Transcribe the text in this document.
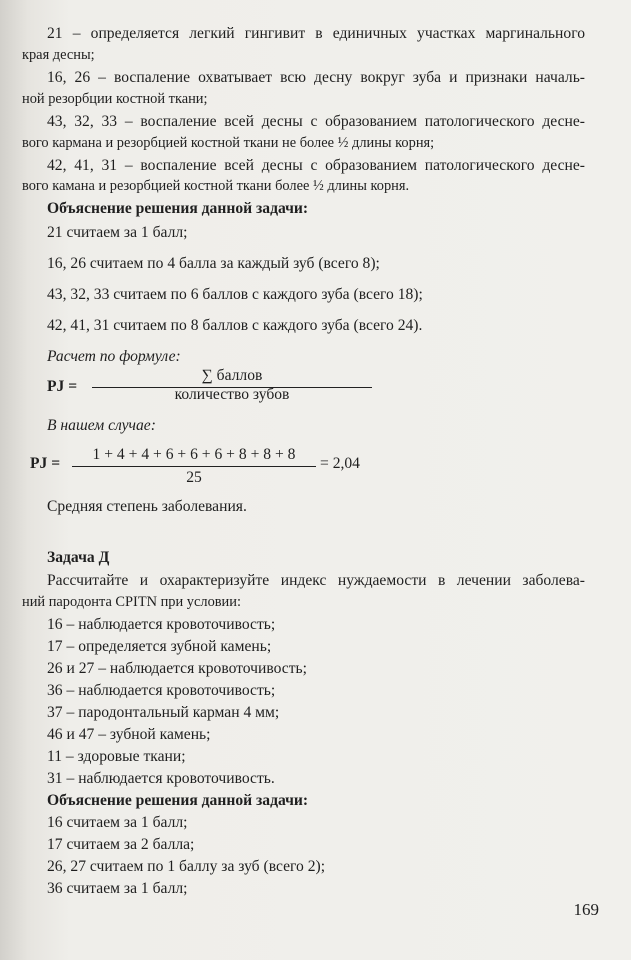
21 – определяется легкий гингивит в единичных участках маргинального
края десны;
16, 26 – воспаление охватывает всю десну вокруг зуба и признаки началь-
ной резорбции костной ткани;
43, 32, 33 – воспаление всей десны с образованием патологического десне-
вого кармана и резорбцией костной ткани не более ½ длины корня;
42, 41, 31 – воспаление всей десны с образованием патологического десне-
вого камана и резорбцией костной ткани более ½ длины корня.
Объяснение решения данной задачи:
21 считаем за 1 балл;
16, 26 считаем по 4 балла за каждый зуб (всего 8);
43, 32, 33 считаем по 6 баллов с каждого зуба (всего 18);
42, 41, 31 считаем по 8 баллов с каждого зуба (всего 24).
Расчет по формуле:
PJ =
∑ баллов
количество зубов
В нашем случае:
PJ =
1 + 4 + 4 + 6 + 6 + 6 + 8 + 8 + 8
25
= 2,04
Средняя степень заболевания.
Задача Д
Рассчитайте и охарактеризуйте индекс нуждаемости в лечении заболева-
ний пародонта CPITN при условии:
16 – наблюдается кровоточивость;
17 – определяется зубной камень;
26 и 27 – наблюдается кровоточивость;
36 – наблюдается кровоточивость;
37 – пародонтальный карман 4 мм;
46 и 47 – зубной камень;
11 – здоровые ткани;
31 – наблюдается кровоточивость.
Объяснение решения данной задачи:
16 считаем за 1 балл;
17 считаем за 2 балла;
26, 27 считаем по 1 баллу за зуб (всего 2);
36 считаем за 1 балл;
169
